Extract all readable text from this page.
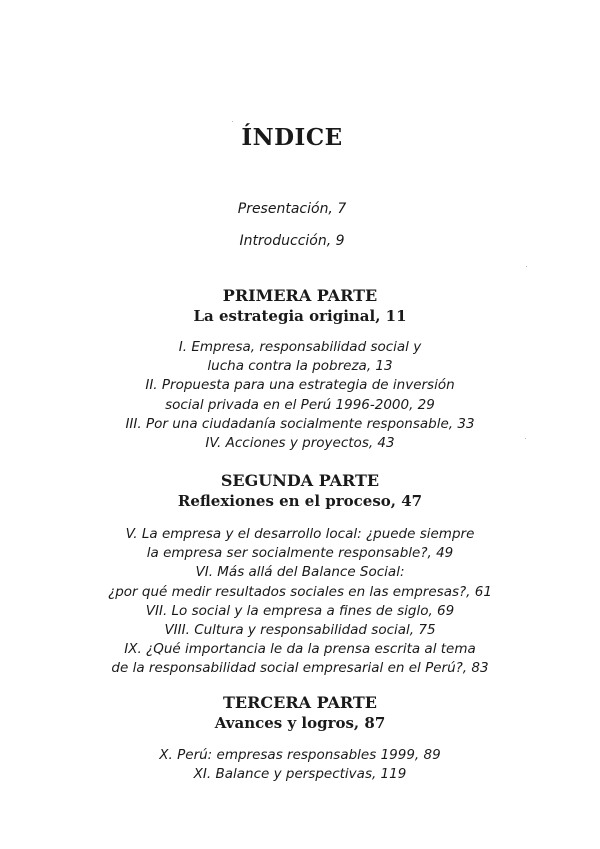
ÍNDICE

Presentación, 7

Introducción, 9

PRIMERA PARTE
La estrategia original, 11
I. Empresa, responsabilidad social y
lucha contra la pobreza, 13
II. Propuesta para una estrategia de inversión
social privada en el Perú 1996-2000, 29
III. Por una ciudadanía socialmente responsable, 33
IV. Acciones y proyectos, 43
SEGUNDA PARTE
Reflexiones en el proceso, 47
V. La empresa y el desarrollo local: ¿puede siempre
la empresa ser socialmente responsable?, 49
VI. Más allá del Balance Social:
¿por qué medir resultados sociales en las empresas?, 61
VII. Lo social y la empresa a fines de siglo, 69
VIII. Cultura y responsabilidad social, 75
IX. ¿Qué importancia le da la prensa escrita al tema
de la responsabilidad social empresarial en el Perú?, 83
TERCERA PARTE
Avances y logros, 87
X. Perú: empresas responsables 1999, 89
XI. Balance y perspectivas, 119
